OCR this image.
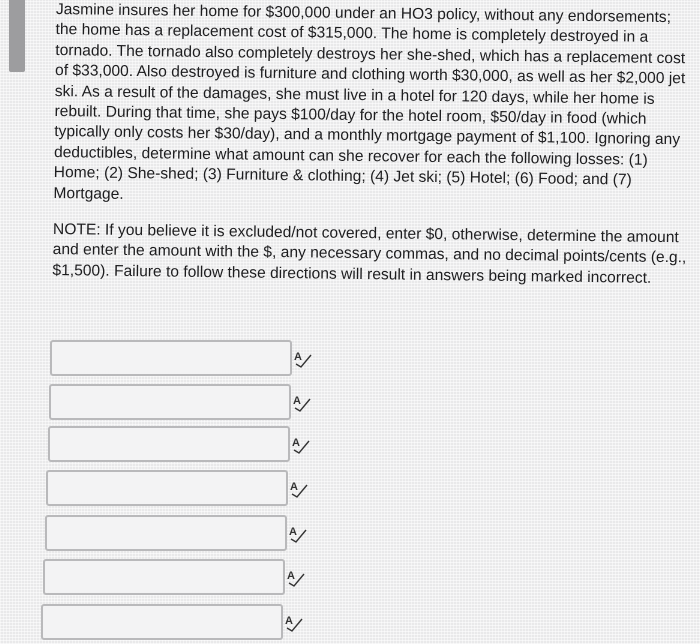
Jasmine insures her home for $300,000 under an HO3 policy, without any endorsements; the home has a replacement cost of $315,000. The home is completely destroyed in a tornado. The tornado also completely destroys her she-shed, which has a replacement cost of $33,000. Also destroyed is furniture and clothing worth $30,000, as well as her $2,000 jet ski. As a result of the damages, she must live in a hotel for 120 days, while her home is rebuilt. During that time, she pays $100/day for the hotel room, $50/day in food (which typically only costs her $30/day), and a monthly mortgage payment of $1,100. Ignoring any deductibles, determine what amount can she recover for each the following losses: (1) Home; (2) She-shed; (3) Furniture & clothing; (4) Jet ski; (5) Hotel; (6) Food; and (7) Mortgage.

NOTE: If you believe it is excluded/not covered, enter $0, otherwise, determine the amount and enter the amount with the $, any necessary commas, and no decimal points/cents (e.g., $1,500). Failure to follow these directions will result in answers being marked incorrect.

A
A
A
A
A
A
A
